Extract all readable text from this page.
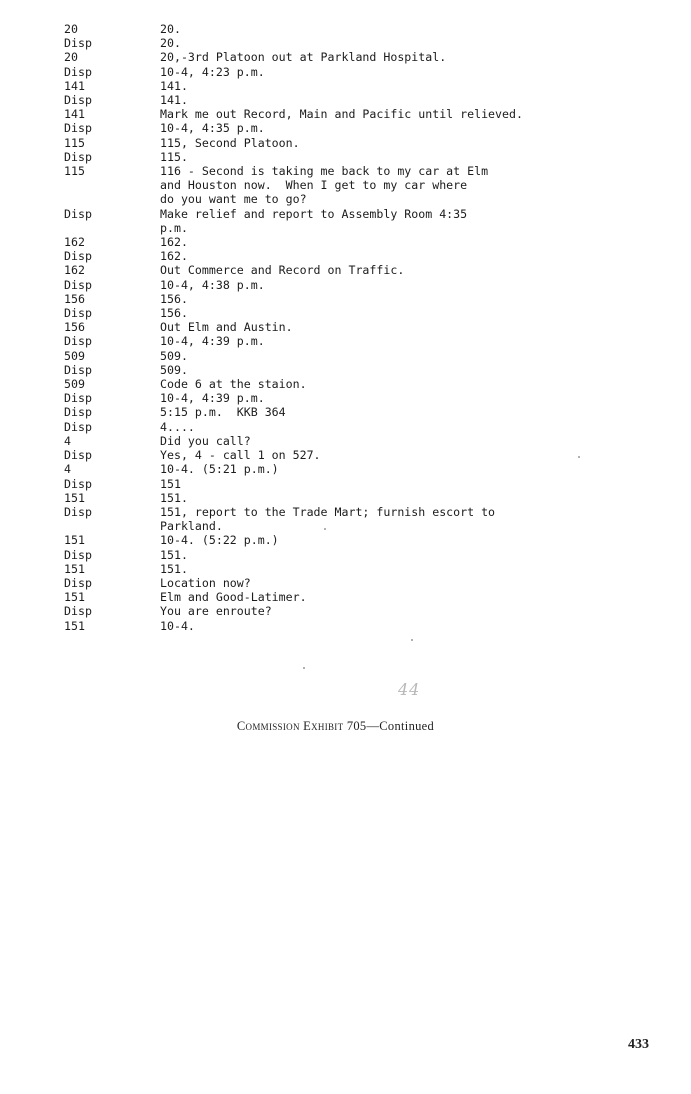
20	20.
Disp	20.
20	20,-3rd Platoon out at Parkland Hospital.
Disp	10-4, 4:23 p.m.
141	141.
Disp	141.
141	Mark me out Record, Main and Pacific until relieved.
Disp	10-4, 4:35 p.m.
115	115, Second Platoon.
Disp	115.
115	116 - Second is taking me back to my car at Elm
and Houston now.  When I get to my car where
do you want me to go?
Disp	Make relief and report to Assembly Room 4:35
p.m.
162	162.
Disp	162.
162	Out Commerce and Record on Traffic.
Disp	10-4, 4:38 p.m.
156	156.
Disp	156.
156	Out Elm and Austin.
Disp	10-4, 4:39 p.m.
509	509.
Disp	509.
509	Code 6 at the staion.
Disp	10-4, 4:39 p.m.
Disp	5:15 p.m.  KKB 364
Disp	4....
4	Did you call?
Disp	Yes, 4 - call 1 on 527.
4	10-4. (5:21 p.m.)
Disp	151
151	151.
Disp	151, report to the Trade Mart; furnish escort to
Parkland.
151	10-4. (5:22 p.m.)
Disp	151.
151	151.
Disp	Location now?
151	Elm and Good-Latimer.
Disp	You are enroute?
151	10-4.
44
Commission Exhibit 705—Continued
433
